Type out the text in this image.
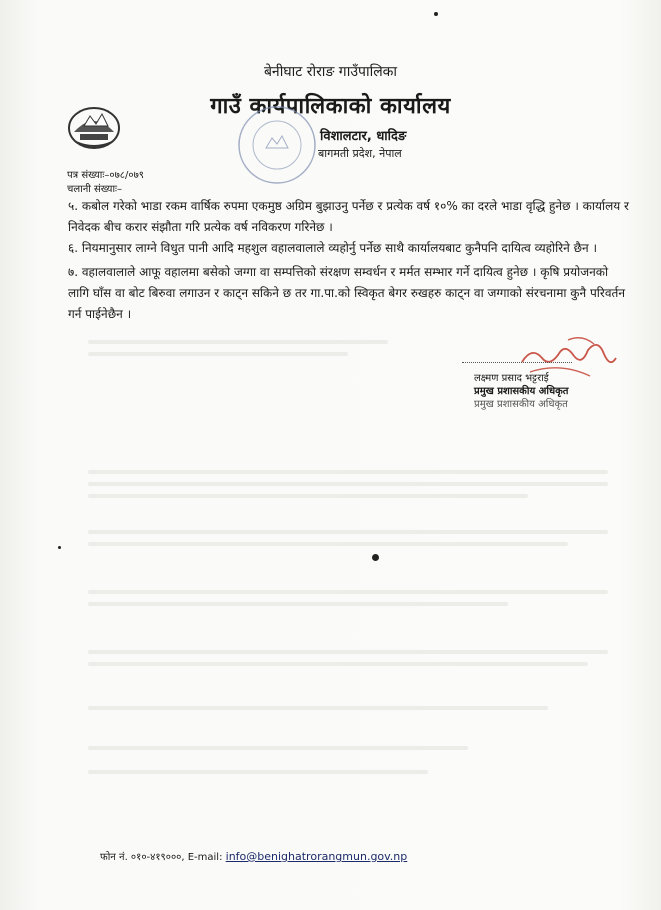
बेनीघाट रोराङ गाउँपालिका
गाउँ कार्यपालिकाको कार्यालय
विशालटार, धादिङ
बागमती प्रदेश, नेपाल
पत्र संख्याः–०७८/०७९
चलानी संख्याः–

५. कबोल गरेको भाडा रकम वार्षिक रुपमा एकमुष्ठ अग्रिम बुझाउनु पर्नेछ र प्रत्येक वर्ष १०% का दरले भाडा वृद्धि हुनेछ । कार्यालय र निवेदक बीच करार संझौता गरि प्रत्येक वर्ष नविकरण गरिनेछ ।

६. नियमानुसार लाग्ने विधुत पानी आदि महशुल वहालवालाले व्यहोर्नु पर्नेछ साथै कार्यालयबाट कुनैपनि दायित्व व्यहोरिने छैन ।

७. वहालवालाले आफू वहालमा बसेको जग्गा वा सम्पत्तिको संरक्षण सम्वर्धन र मर्मत सम्भार गर्ने दायित्व हुनेछ । कृषि प्रयोजनको लागि घाँस वा बोट बिरुवा लगाउन र काट्न सकिने छ तर गा.पा.को स्विकृत बेगर रुखहरु काट्न वा जग्गाको संरचनामा कुनै परिवर्तन गर्न पाईनेछैन ।

लक्ष्मण प्रसाद भट्टराई
प्रमुख प्रशासकीय अधिकृत
प्रमुख प्रशासकीय अधिकृत
फोन नं. ०१०-४१९०००, E-mail: info@benighatrorangmun.gov.np
